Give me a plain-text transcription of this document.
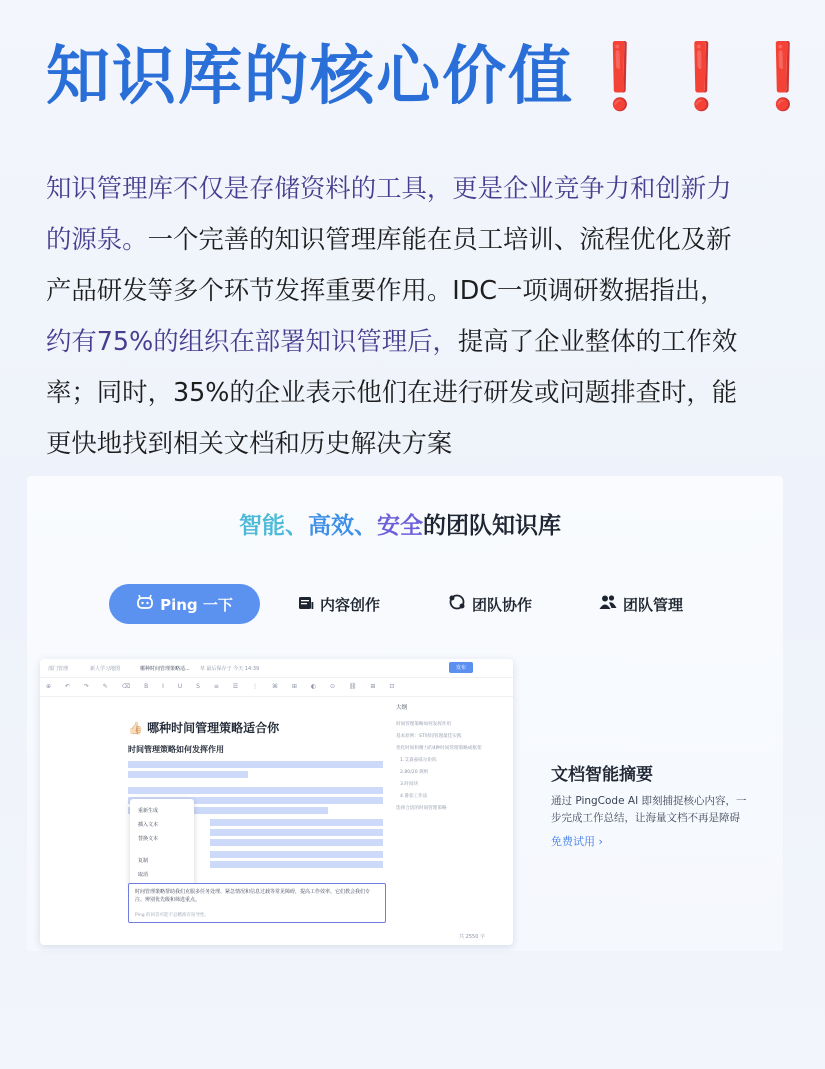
知识库的核心价值❗❗❗

知识管理库不仅是存储资料的工具，更是企业竞争力和创新力
的源泉。一个完善的知识管理库能在员工培训、流程优化及新
产品研发等多个环节发挥重要作用。IDC一项调研数据指出，
约有75%的组织在部署知识管理后，提高了企业整体的工作效
率；同时，35%的企业表示他们在进行研发或问题排查时，能
更快地找到相关文档和历史解决方案

智能、高效、安全的团队知识库
Ping 一下	内容创作	团队协作	团队管理
部门管理	新人学习地图	哪种时间管理策略适... 草 最后保存于 今天 14:39	发布
⊕ ↶ ↷ ✎ ⌫ B I U S ≡ ☰ ⋮ ⌘ ⊞ ◐ ⊙ ⛓ ⊞ ⊡
👍🏻 哪种时间管理策略适合你
时间管理策略如何发挥作用
重新生成
插入文本
替换文本
复制
取消
时间管理策略帮助我们克服多任务处理、紧急情况和信息过载等常见障碍，提高工作效率。它们教会我们专注、辨别优先级和筛选重点。
Ping 的回答可能不总精准有误导性。
大纲
时间管理策略如何发挥作用
基本原则：ST时间管理最佳实践
优化时间和精力的4种时间管理策略或框架
1.艾森豪威尔矩阵
2.80/20 规则
3.时间块
4.番茄工作法
选择合适的时间管理策略
共 2550 字
文档智能摘要
通过 PingCode AI 即刻捕捉核心内容，一步完成工作总结，让海量文档不再是障碍
免费试用 ›
